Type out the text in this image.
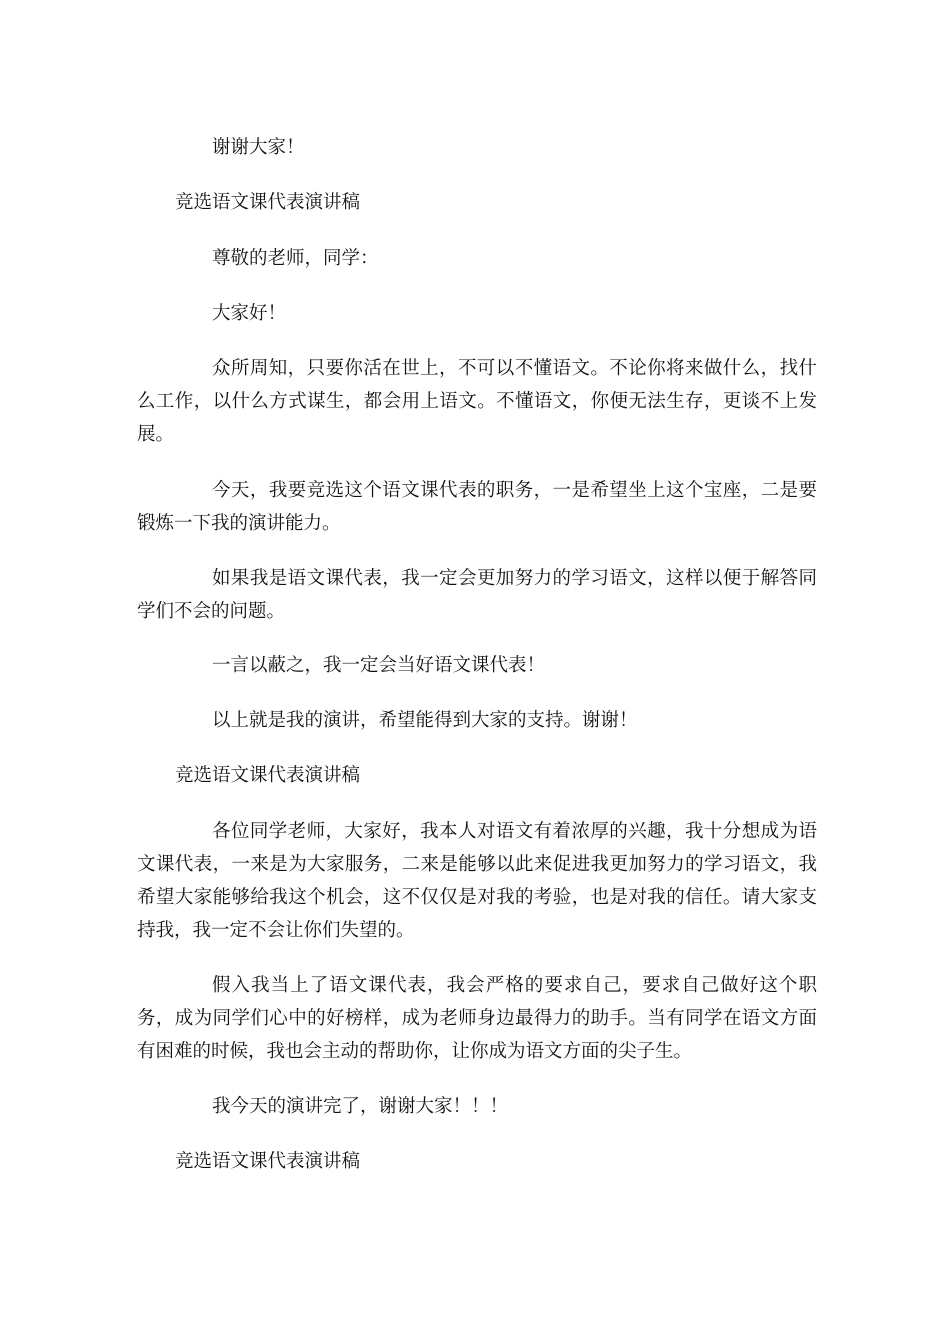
谢谢大家！

竞选语文课代表演讲稿

尊敬的老师，同学：

大家好！

众所周知，只要你活在世上，不可以不懂语文。不论你将来做什么，找什么工作，以什么方式谋生，都会用上语文。不懂语文，你便无法生存，更谈不上发展。

今天，我要竞选这个语文课代表的职务，一是希望坐上这个宝座，二是要锻炼一下我的演讲能力。

如果我是语文课代表，我一定会更加努力的学习语文，这样以便于解答同学们不会的问题。

一言以蔽之，我一定会当好语文课代表！

以上就是我的演讲，希望能得到大家的支持。谢谢！

竞选语文课代表演讲稿

各位同学老师，大家好，我本人对语文有着浓厚的兴趣，我十分想成为语文课代表，一来是为大家服务，二来是能够以此来促进我更加努力的学习语文，我希望大家能够给我这个机会，这不仅仅是对我的考验，也是对我的信任。请大家支持我，我一定不会让你们失望的。

假入我当上了语文课代表，我会严格的要求自己，要求自己做好这个职务，成为同学们心中的好榜样，成为老师身边最得力的助手。当有同学在语文方面有困难的时候，我也会主动的帮助你，让你成为语文方面的尖子生。

我今天的演讲完了，谢谢大家！！！

竞选语文课代表演讲稿
